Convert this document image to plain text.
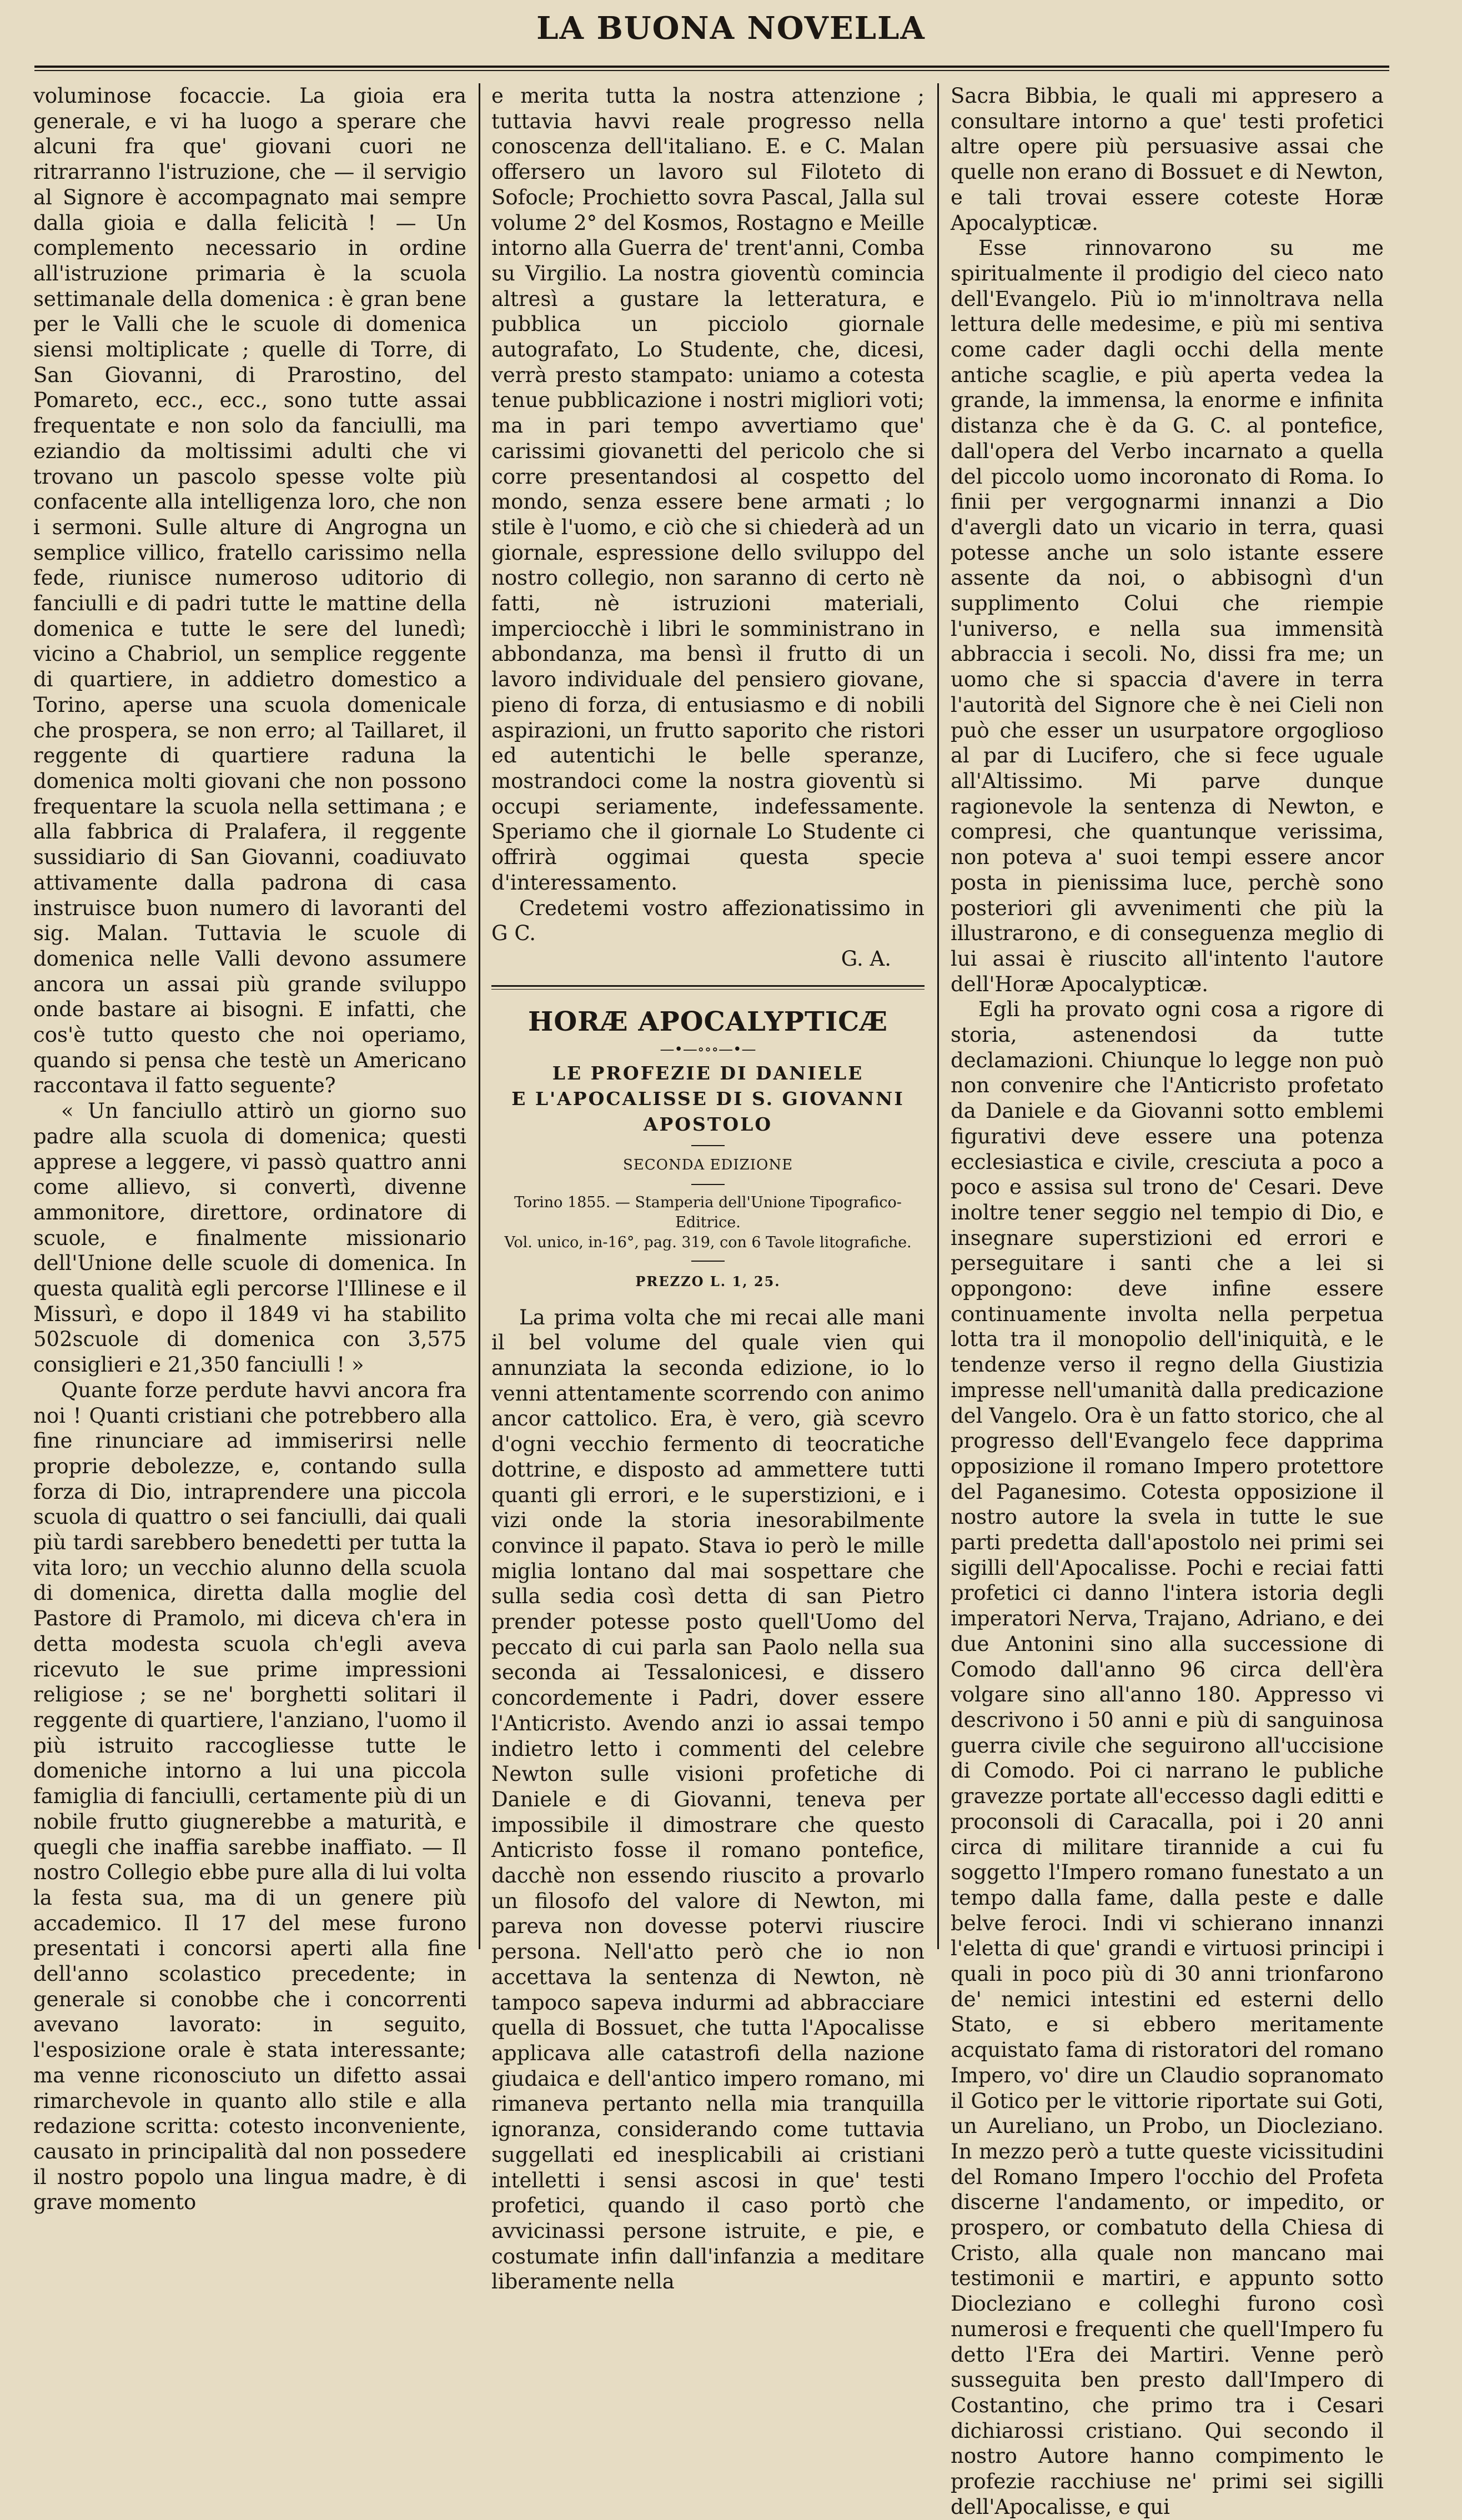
LA BUONA NOVELLA

voluminose focaccie. La gioia era generale, e vi ha luogo a sperare che alcuni fra que' giovani cuori ne ritrarranno l'istruzione, che — il servigio al Signore è accompagnato mai sempre dalla gioia e dalla felicità ! — Un complemento necessario in ordine all'istruzione primaria è la scuola settimanale della domenica : è gran bene per le Valli che le scuole di domenica siensi moltiplicate ; quelle di Torre, di San Giovanni, di Prarostino, del Pomareto, ecc., ecc., sono tutte assai frequentate e non solo da fanciulli, ma eziandio da moltissimi adulti che vi trovano un pascolo spesse volte più confacente alla intelligenza loro, che non i sermoni. Sulle alture di Angrogna un semplice villico, fratello carissimo nella fede, riunisce numeroso uditorio di fanciulli e di padri tutte le mattine della domenica e tutte le sere del lunedì; vicino a Chabriol, un semplice reggente di quartiere, in addietro domestico a Torino, aperse una scuola domenicale che prospera, se non erro; al Taillaret, il reggente di quartiere raduna la domenica molti giovani che non possono frequentare la scuola nella settimana ; e alla fabbrica di Pralafera, il reggente sussidiario di San Giovanni, coadiuvato attivamente dalla padrona di casa instruisce buon numero di lavoranti del sig. Malan. Tuttavia le scuole di domenica nelle Valli devono assumere ancora un assai più grande sviluppo onde bastare ai bisogni. E infatti, che cos'è tutto questo che noi operiamo, quando si pensa che testè un Americano raccontava il fatto seguente?

« Un fanciullo attirò un giorno suo padre alla scuola di domenica; questi apprese a leggere, vi passò quattro anni come allievo, si convertì, divenne ammonitore, direttore, ordinatore di scuole, e finalmente missionario dell'Unione delle scuole di domenica. In questa qualità egli percorse l'Illinese e il Missurì, e dopo il 1849 vi ha stabilito 502scuole di domenica con 3,575 consiglieri e 21,350 fanciulli ! »

Quante forze perdute havvi ancora fra noi ! Quanti cristiani che potrebbero alla fine rinunciare ad immiserirsi nelle proprie debolezze, e, contando sulla forza di Dio, intraprendere una piccola scuola di quattro o sei fanciulli, dai quali più tardi sarebbero benedetti per tutta la vita loro; un vecchio alunno della scuola di domenica, diretta dalla moglie del Pastore di Pramolo, mi diceva ch'era in detta modesta scuola ch'egli aveva ricevuto le sue prime impressioni religiose ; se ne' borghetti solitari il reggente di quartiere, l'anziano, l'uomo il più istruito raccogliesse tutte le domeniche intorno a lui una piccola famiglia di fanciulli, certamente più di un nobile frutto giugnerebbe a maturità, e quegli che inaffia sarebbe inaffiato. — Il nostro Collegio ebbe pure alla di lui volta la festa sua, ma di un genere più accademico. Il 17 del mese furono presentati i concorsi aperti alla fine dell'anno scolastico precedente; in generale si conobbe che i concorrenti avevano lavorato: in seguito, l'esposizione orale è stata interessante; ma venne riconosciuto un difetto assai rimarchevole in quanto allo stile e alla redazione scritta: cotesto inconveniente, causato in principalità dal non possedere il nostro popolo una lingua madre, è di grave momento

e merita tutta la nostra attenzione ; tuttavia havvi reale progresso nella conoscenza dell'italiano. E. e C. Malan offersero un lavoro sul Filoteto di Sofocle; Prochietto sovra Pascal, Jalla sul volume 2° del Kosmos, Rostagno e Meille intorno alla Guerra de' trent'anni, Comba su Virgilio. La nostra gioventù comincia altresì a gustare la letteratura, e pubblica un picciolo giornale autografato, Lo Studente, che, dicesi, verrà presto stampato: uniamo a cotesta tenue pubblicazione i nostri migliori voti; ma in pari tempo avvertiamo que' carissimi giovanetti del pericolo che si corre presentandosi al cospetto del mondo, senza essere bene armati ; lo stile è l'uomo, e ciò che si chiederà ad un giornale, espressione dello sviluppo del nostro collegio, non saranno di certo nè fatti, nè istruzioni materiali, imperciocchè i libri le somministrano in abbondanza, ma bensì il frutto di un lavoro individuale del pensiero giovane, pieno di forza, di entusiasmo e di nobili aspirazioni, un frutto saporito che ristori ed autentichi le belle speranze, mostrandoci come la nostra gioventù si occupi seriamente, indefessamente. Speriamo che il giornale Lo Studente ci offrirà oggimai questa specie d'interessamento.

Credetemi vostro affezionatissimo in G C.

G. A.

HORÆ APOCALYPTICÆ
—•—∘∘∘—•—
LE PROFEZIE DI DANIELE
E L'APOCALISSE DI S. GIOVANNI APOSTOLO
SECONDA EDIZIONE
Torino 1855. — Stamperia dell'Unione Tipografico-Editrice.
Vol. unico, in-16°, pag. 319, con 6 Tavole litografiche.
PREZZO L. 1, 25.

La prima volta che mi recai alle mani il bel volume del quale vien qui annunziata la seconda edizione, io lo venni attentamente scorrendo con animo ancor cattolico. Era, è vero, già scevro d'ogni vecchio fermento di teocratiche dottrine, e disposto ad ammettere tutti quanti gli errori, e le superstizioni, e i vizi onde la storia inesorabilmente convince il papato. Stava io però le mille miglia lontano dal mai sospettare che sulla sedia così detta di san Pietro prender potesse posto quell'Uomo del peccato di cui parla san Paolo nella sua seconda ai Tessalonicesi, e dissero concordemente i Padri, dover essere l'Anticristo. Avendo anzi io assai tempo indietro letto i commenti del celebre Newton sulle visioni profetiche di Daniele e di Giovanni, teneva per impossibile il dimostrare che questo Anticristo fosse il romano pontefice, dacchè non essendo riuscito a provarlo un filosofo del valore di Newton, mi pareva non dovesse potervi riuscire persona. Nell'atto però che io non accettava la sentenza di Newton, nè tampoco sapeva indurmi ad abbracciare quella di Bossuet, che tutta l'Apocalisse applicava alle catastrofi della nazione giudaica e dell'antico impero romano, mi rimaneva pertanto nella mia tranquilla ignoranza, considerando come tuttavia suggellati ed inesplicabili ai cristiani intelletti i sensi ascosi in que' testi profetici, quando il caso portò che avvicinassi persone istruite, e pie, e costumate infin dall'infanzia a meditare liberamente nella

Sacra Bibbia, le quali mi appresero a consultare intorno a que' testi profetici altre opere più persuasive assai che quelle non erano di Bossuet e di Newton, e tali trovai essere coteste Horæ Apocalypticæ.

Esse rinnovarono su me spiritualmente il prodigio del cieco nato dell'Evangelo. Più io m'innoltrava nella lettura delle medesime, e più mi sentiva come cader dagli occhi della mente antiche scaglie, e più aperta vedea la grande, la immensa, la enorme e infinita distanza che è da G. C. al pontefice, dall'opera del Verbo incarnato a quella del piccolo uomo incoronato di Roma. Io finii per vergognarmi innanzi a Dio d'avergli dato un vicario in terra, quasi potesse anche un solo istante essere assente da noi, o abbisognì d'un supplimento Colui che riempie l'universo, e nella sua immensità abbraccia i secoli. No, dissi fra me; un uomo che si spaccia d'avere in terra l'autorità del Signore che è nei Cieli non può che esser un usurpatore orgoglioso al par di Lucifero, che si fece uguale all'Altissimo. Mi parve dunque ragionevole la sentenza di Newton, e compresi, che quantunque verissima, non poteva a' suoi tempi essere ancor posta in pienissima luce, perchè sono posteriori gli avvenimenti che più la illustrarono, e di conseguenza meglio di lui assai è riuscito all'intento l'autore dell'Horæ Apocalypticæ.

Egli ha provato ogni cosa a rigore di storia, astenendosi da tutte declamazioni. Chiunque lo legge non può non convenire che l'Anticristo profetato da Daniele e da Giovanni sotto emblemi figurativi deve essere una potenza ecclesiastica e civile, cresciuta a poco a poco e assisa sul trono de' Cesari. Deve inoltre tener seggio nel tempio di Dio, e insegnare superstizioni ed errori e perseguitare i santi che a lei si oppongono: deve infine essere continuamente involta nella perpetua lotta tra il monopolio dell'iniquità, e le tendenze verso il regno della Giustizia impresse nell'umanità dalla predicazione del Vangelo. Ora è un fatto storico, che al progresso dell'Evangelo fece dapprima opposizione il romano Impero protettore del Paganesimo. Cotesta opposizione il nostro autore la svela in tutte le sue parti predetta dall'apostolo nei primi sei sigilli dell'Apocalisse. Pochi e reciai fatti profetici ci danno l'intera istoria degli imperatori Nerva, Trajano, Adriano, e dei due Antonini sino alla successione di Comodo dall'anno 96 circa dell'èra volgare sino all'anno 180. Appresso vi descrivono i 50 anni e più di sanguinosa guerra civile che seguirono all'uccisione di Comodo. Poi ci narrano le publiche gravezze portate all'eccesso dagli editti e proconsoli di Caracalla, poi i 20 anni circa di militare tirannide a cui fu soggetto l'Impero romano funestato a un tempo dalla fame, dalla peste e dalle belve feroci. Indi vi schierano innanzi l'eletta di que' grandi e virtuosi principi i quali in poco più di 30 anni trionfarono de' nemici intestini ed esterni dello Stato, e si ebbero meritamente acquistato fama di ristoratori del romano Impero, vo' dire un Claudio sopranomato il Gotico per le vittorie riportate sui Goti, un Aureliano, un Probo, un Diocleziano. In mezzo però a tutte queste vicissitudini del Romano Impero l'occhio del Profeta discerne l'andamento, or impedito, or prospero, or combatuto della Chiesa di Cristo, alla quale non mancano mai testimonii e martiri, e appunto sotto Diocleziano e colleghi furono così numerosi e frequenti che quell'Impero fu detto l'Era dei Martiri. Venne però susseguita ben presto dall'Impero di Costantino, che primo tra i Cesari dichiarossi cristiano. Qui secondo il nostro Autore hanno compimento le profezie racchiuse ne' primi sei sigilli dell'Apocalisse, e qui
